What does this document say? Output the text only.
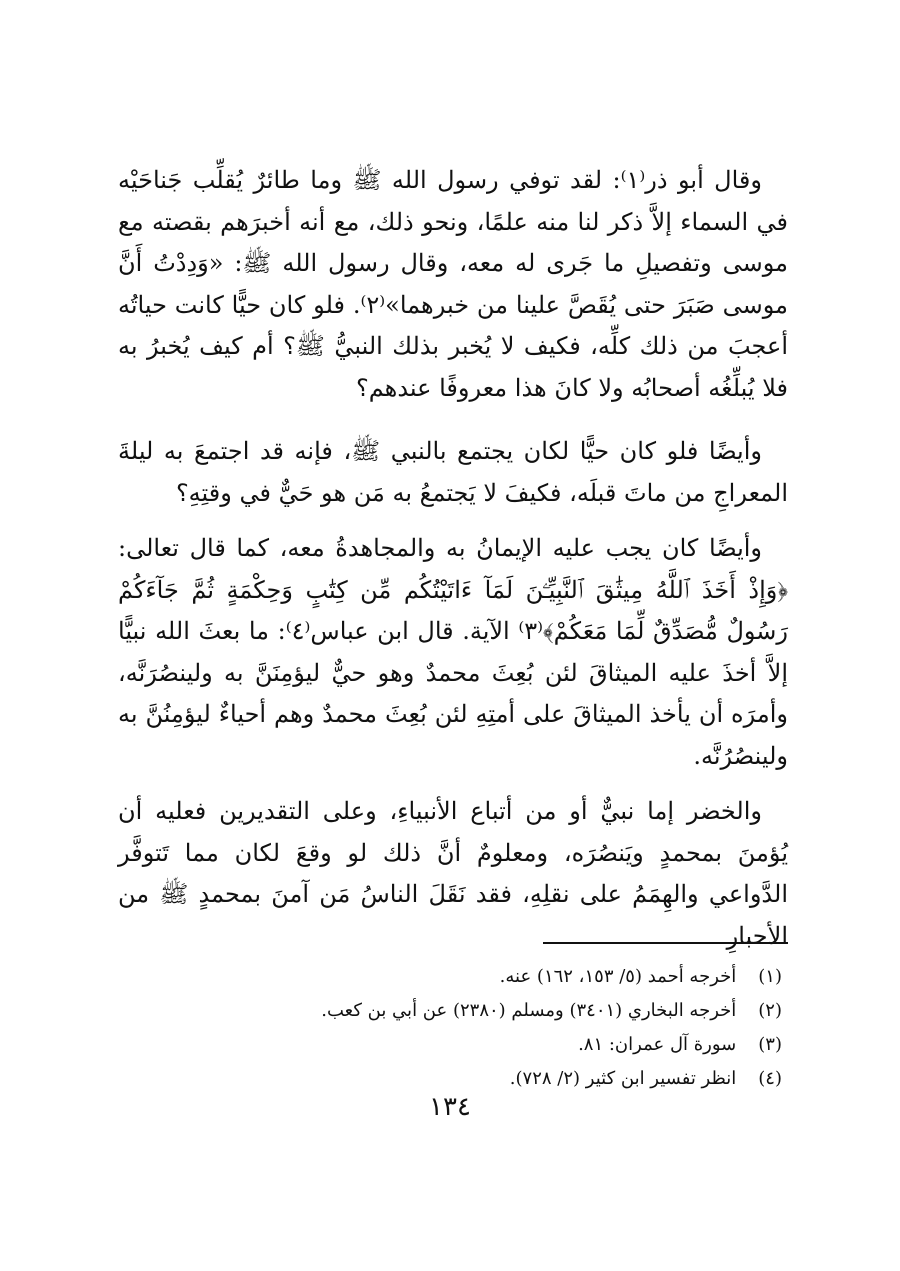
وقال أبو ذر⁽١⁾: لقد توفي رسول الله ﷺ وما طائرٌ يُقلِّب جَناحَيْه في السماء إلاَّ ذكر لنا منه علمًا، ونحو ذلك، مع أنه أخبرَهم بقصته مع موسى وتفصيلِ ما جَرى له معه، وقال رسول الله ﷺ: «وَدِدْتُ أَنَّ موسى صَبَرَ حتى يُقَصَّ علينا من خبرهما»⁽٢⁾. فلو كان حيًّا كانت حياتُه أعجبَ من ذلك كلِّه، فكيف لا يُخبر بذلك النبيُّ ﷺ؟ أم كيف يُخبرُ به فلا يُبلِّغُه أصحابُه ولا كانَ هذا معروفًا عندهم؟

وأيضًا فلو كان حيًّا لكان يجتمع بالنبي ﷺ، فإنه قد اجتمعَ به ليلةَ المعراجِ من ماتَ قبلَه، فكيفَ لا يَجتمعُ به مَن هو حَيٌّ في وقتِهِ؟

وأيضًا كان يجب عليه الإيمانُ به والمجاهدةُ معه، كما قال تعالى: ﴿وَإِذْ أَخَذَ ٱللَّهُ مِيثَٰقَ ٱلنَّبِيِّـۧنَ لَمَآ ءَاتَيْتُكُم مِّن كِتَٰبٍ وَحِكْمَةٍ ثُمَّ جَآءَكُمْ رَسُولٌ مُّصَدِّقٌ لِّمَا مَعَكُمْ﴾⁽٣⁾ الآية. قال ابن عباس⁽٤⁾: ما بعثَ الله نبيًّا إلاَّ أخذَ عليه الميثاقَ لئن بُعِثَ محمدٌ وهو حيٌّ ليؤمِنَنَّ به ولينصُرَنَّه، وأمرَه أن يأخذ الميثاقَ على أمتِهِ لئن بُعِثَ محمدٌ وهم أحياءٌ ليؤمِنُنَّ به ولينصُرُنَّه.

والخضر إما نبيٌّ أو من أتباع الأنبياءِ، وعلى التقديرين فعليه أن يُؤمنَ بمحمدٍ ويَنصُرَه، ومعلومٌ أنَّ ذلك لو وقعَ لكان مما تَتوفَّر الدَّواعي والهِمَمُ على نقلِهِ، فقد نَقَلَ الناسُ مَن آمنَ بمحمدٍ ﷺ من الأحبارِ

(١) أخرجه أحمد (٥/ ١٥٣، ١٦٢) عنه.
(٢) أخرجه البخاري (٣٤٠١) ومسلم (٢٣٨٠) عن أبي بن كعب.
(٣) سورة آل عمران: ٨١.
(٤) انظر تفسير ابن كثير (٢/ ٧٢٨).
١٣٤
